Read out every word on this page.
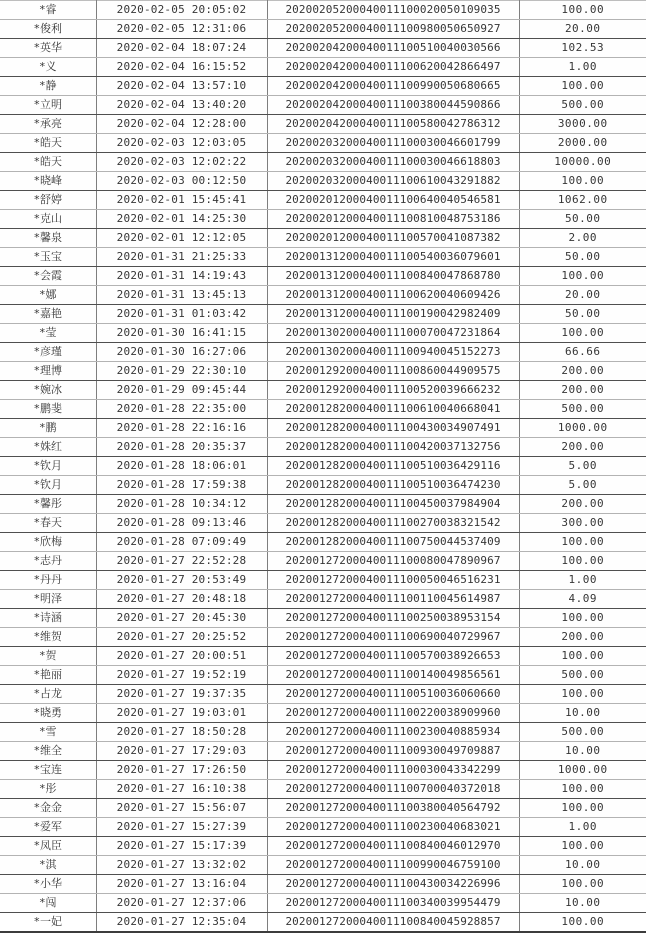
*睿	2020-02-05 20:05:02	20200205200040011100020050109035	100.00
*俊利	2020-02-05 12:31:06	20200205200040011100980050650927	20.00
*英华	2020-02-04 18:07:24	20200204200040011100510040030566	102.53
*义	2020-02-04 16:15:52	20200204200040011100620042866497	1.00
*静	2020-02-04 13:57:10	20200204200040011100990050680665	100.00
*立明	2020-02-04 13:40:20	20200204200040011100380044590866	500.00
*承亮	2020-02-04 12:28:00	20200204200040011100580042786312	3000.00
*皓天	2020-02-03 12:03:05	20200203200040011100030046601799	2000.00
*皓天	2020-02-03 12:02:22	20200203200040011100030046618803	10000.00
*晓峰	2020-02-03 00:12:50	20200203200040011100610043291882	100.00
*舒婷	2020-02-01 15:45:41	20200201200040011100640040546581	1062.00
*克山	2020-02-01 14:25:30	20200201200040011100810048753186	50.00
*馨泉	2020-02-01 12:12:05	20200201200040011100570041087382	2.00
*玉宝	2020-01-31 21:25:33	20200131200040011100540036079601	50.00
*会霞	2020-01-31 14:19:43	20200131200040011100840047868780	100.00
*娜	2020-01-31 13:45:13	20200131200040011100620040609426	20.00
*嘉艳	2020-01-31 01:03:42	20200131200040011100190042982409	50.00
*莹	2020-01-30 16:41:15	20200130200040011100070047231864	100.00
*彦瑾	2020-01-30 16:27:06	20200130200040011100940045152273	66.66
*理博	2020-01-29 22:30:10	20200129200040011100860044909575	200.00
*婉冰	2020-01-29 09:45:44	20200129200040011100520039666232	200.00
*鹏斐	2020-01-28 22:35:00	20200128200040011100610040668041	500.00
*鹏	2020-01-28 22:16:16	20200128200040011100430034907491	1000.00
*姝红	2020-01-28 20:35:37	20200128200040011100420037132756	200.00
*钦月	2020-01-28 18:06:01	20200128200040011100510036429116	5.00
*钦月	2020-01-28 17:59:38	20200128200040011100510036474230	5.00
*馨彤	2020-01-28 10:34:12	20200128200040011100450037984904	200.00
*春天	2020-01-28 09:13:46	20200128200040011100270038321542	300.00
*欣梅	2020-01-28 07:09:49	20200128200040011100750044537409	100.00
*志丹	2020-01-27 22:52:28	20200127200040011100080047890967	100.00
*丹丹	2020-01-27 20:53:49	20200127200040011100050046516231	1.00
*明泽	2020-01-27 20:48:18	20200127200040011100110045614987	4.09
*诗涵	2020-01-27 20:45:30	20200127200040011100250038953154	100.00
*维贺	2020-01-27 20:25:52	20200127200040011100690040729967	200.00
*贺	2020-01-27 20:00:51	20200127200040011100570038926653	100.00
*艳丽	2020-01-27 19:52:19	20200127200040011100140049856561	500.00
*占龙	2020-01-27 19:37:35	20200127200040011100510036060660	100.00
*晓勇	2020-01-27 19:03:01	20200127200040011100220038909960	10.00
*雪	2020-01-27 18:50:28	20200127200040011100230040885934	500.00
*维全	2020-01-27 17:29:03	20200127200040011100930049709887	10.00
*宝连	2020-01-27 17:26:50	20200127200040011100030043342299	1000.00
*彤	2020-01-27 16:10:38	20200127200040011100700040372018	100.00
*金金	2020-01-27 15:56:07	20200127200040011100380040564792	100.00
*爱军	2020-01-27 15:27:39	20200127200040011100230040683021	1.00
*凤臣	2020-01-27 15:17:39	20200127200040011100840046012970	100.00
*淇	2020-01-27 13:32:02	20200127200040011100990046759100	10.00
*小华	2020-01-27 13:16:04	20200127200040011100430034226996	100.00
*闯	2020-01-27 12:37:06	20200127200040011100340039954479	10.00
*一妃	2020-01-27 12:35:04	20200127200040011100840045928857	100.00
